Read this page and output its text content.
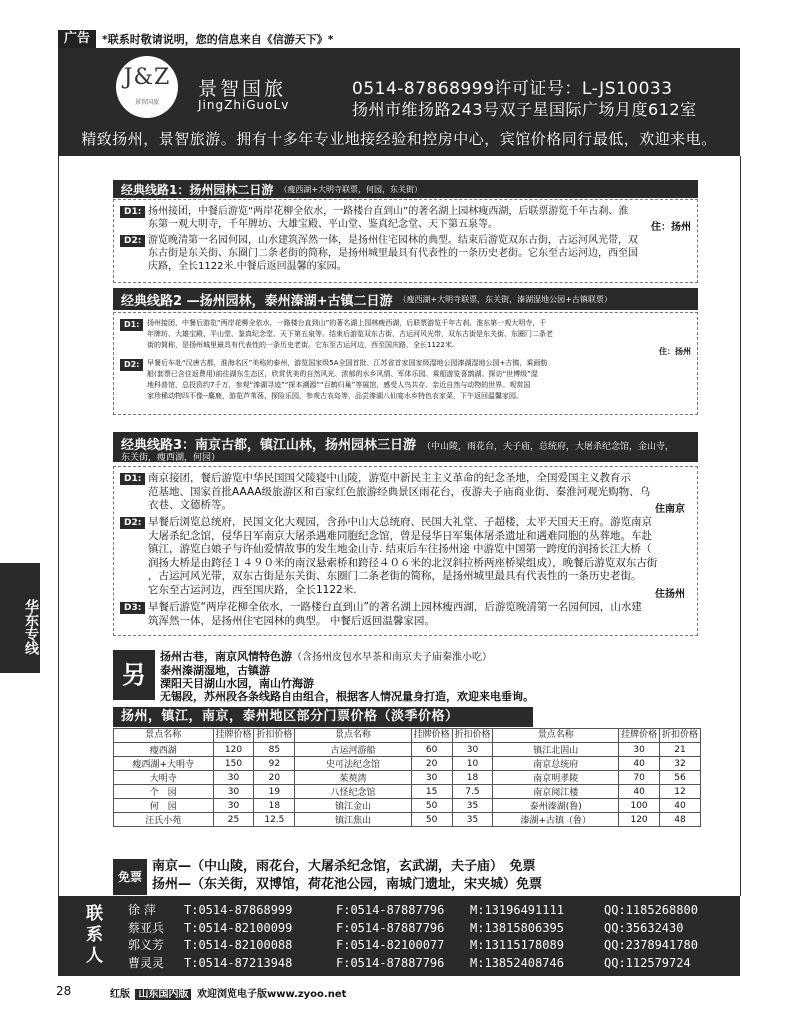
广告	*联系时敬请说明，您的信息来自《信游天下》*
J&Z
景智国旅
景智国旅
JingZhiGuoLv
0514-87868999许可证号：L-JS10033
扬州市维扬路243号双子星国际广场月度612室
精致扬州，景智旅游。拥有十多年专业地接经验和控房中心，宾馆价格同行最低，欢迎来电。
经典线路1：扬州园林二日游 （瘦西湖+大明寺联票，何园，东关街）
D1: 扬州接团，中餐后游览“两岸花柳全依水，一路楼台直到山”的著名湖上园林瘦西湖，后联票游览千年古刹、淮
东第一观大明寺，千年牌坊、大雄宝殿、平山堂、鉴真纪念堂、天下第五泉等。	住：扬州
D2: 游览晚清第一名园何园，山水建筑浑然一体，是扬州住宅园林的典型。结束后游览双东古街，古运河风光带，双
东古街是东关街、东圈门二条老街的简称，是扬州城里最具有代表性的一条历史老街。它东至古运河边，西至国
庆路，全长1122米.中餐后返回温馨的家园。
经典线路2 —扬州园林，泰州溱湖+古镇二日游 （瘦西湖+大明寺联票，东关街，溱湖湿地公园+古镇联票）
D1:	扬州接团，中餐后游览“两岸花柳全依水，一路楼台直到山”的著名湖上园林瘦西湖，后联票游览千年古刹、淮东第一观大明寺，千
年牌坊、大雄宝殿、平山堂、鉴真纪念堂、天下第五泉等。结束后游览双东古街，古运河风光带，双东古街是东关街、东圈门二条老
街的简称，是扬州城里最具有代表性的一条历史老街。它东至古运河边，西至国庆路，全长1122米.
住：扬州
D2:	早餐后车赴“汉唐古都，淮海名区”美称的泰州，游览国家级5A全国首批、江苏省首家国家级湿地公园溱湖湿地公园+古镇，乘画舫
船(套票已含往返费用)前往湖东生态区，欣赏优美的自然风光、浓郁的水乡风情、军体乐园、乘船游览喜鹊湖、探访“世博级”湿
地科普馆，总投资约7千万，参观“溱湖寻迹”“探本溯源”“百鹤归巢”等展馆，感受人鸟共存、亲近自然与动物的世界。观赏国
家珍稀动物四不像--麋鹿，游览芦苇荡、探险乐园，参观古农岛等，品尝溱湖八仙宴水乡特色农家菜，下午返回温馨家园。
经典线路3：南京古都，镇江山林，扬州园林三日游 （中山陵，雨花台，夫子庙，总统府，大屠杀纪念馆，金山寺，
东关街，瘦西湖，何园）
D1: 南京接团，餐后游览中华民国国父陵寝中山陵，游览中新民主主义革命的纪念圣地，全国爱国主义教育示
范基地、国家首批AAAA级旅游区和百家红色旅游经典景区雨花台，夜游夫子庙商业街、秦淮河观光购物、乌
衣巷、文德桥等。	住南京
D2: 早餐后浏览总统府，民国文化大观园，含孙中山大总统府、民国大礼堂、子超楼，太平天国天王府。游览南京
大屠杀纪念馆，侵华日军南京大屠杀遇难同胞纪念馆，曾是侵华日军集体屠杀遗址和遇难同胞的丛葬地。车赴
镇江，游览白娘子与许仙爱情故事的发生地金山寺. 结束后车往扬州途 中游览中国第一跨度的润扬长江大桥（
润扬大桥是由跨径１４９０米的南汊悬索桥和跨径４０６米的北汊斜拉桥两座桥梁组成），晚餐后游览双东古街
，古运河风光带，双东古街是东关街、东圈门二条老街的简称，是扬州城里最具有代表性的一条历史老街。
它东至古运河边，西至国庆路，全长1122米.	住扬州
D3: 早餐后游览“两岸花柳全依水，一路楼台直到山”的著名湖上园林瘦西湖，后游览晚清第一名园何园，山水建
筑浑然一体，是扬州住宅园林的典型。 中餐后返回温馨家园。
华东专线
另
扬州古巷，南京风情特色游（含扬州皮包水早茶和南京夫子庙秦淮小吃）
泰州溱湖湿地，古镇游
溧阳天目湖山水园，南山竹海游
无锡段，苏州段各条线路自由组合，根据客人情况量身打造，欢迎来电垂询。
扬州，镇江，南京，泰州地区部分门票价格（淡季价格）
景点名称	挂牌价格	折扣价格	景点名称	挂牌价格	折扣价格	景点名称	挂牌价格	折扣价格
瘦西湖	120	85	古运河游船	60	30	镇江北固山	30	21
瘦西湖+大明寺	150	92	史可法纪念馆	20	10	南京总统府	40	32
大明寺	30	20	茱萸湾	30	18	南京明孝陵	70	56
个　园	30	19	八怪纪念馆	15	7.5	南京阅江楼	40	12
何　园	30	18	镇江金山	50	35	泰州溱湖(鲁)	100	40
汪氏小苑	25	12.5	镇江焦山	50	35	溱湖+古镇（鲁）	120	48
免票
南京—（中山陵，雨花台，大屠杀纪念馆，玄武湖，夫子庙）　免票
扬州—（东关街，双博馆，荷花池公园，南城门遗址，宋夹城）免票
联系人
徐 萍	T:0514-87868999	F:0514-87887796	M:13196491111	QQ:1185268800
蔡亚兵	T:0514-82100099	F:0514-87887796	M:13815806395	QQ:35632430
郭义芳	T:0514-82100088	F:0514-82100077	M:13115178089	QQ:2378941780
曹灵灵	T:0514-87213948	F:0514-87887796	M:13852408746	QQ:112579724
28	红版 山东国内版 欢迎浏览电子版www.zyoo.net
